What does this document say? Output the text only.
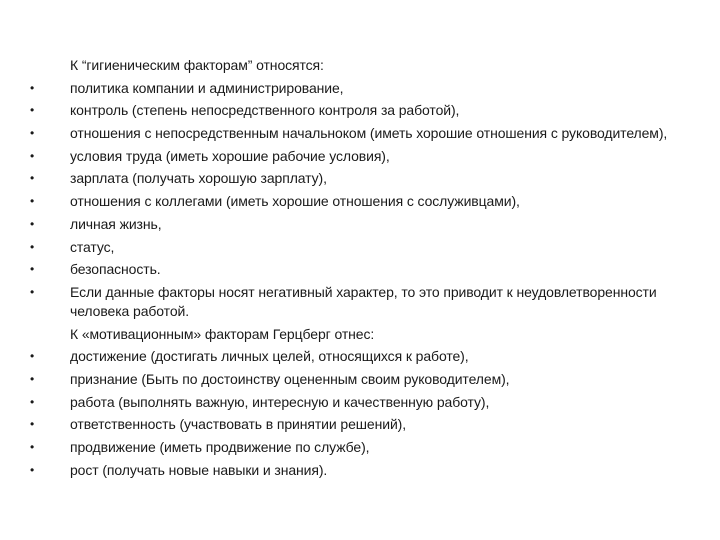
К “гигиеническим факторам” относятся:
•	политика компании и администрирование,
•	контроль (степень непосредственного контроля за работой),
•	отношения с непосредственным начальноком (иметь хорошие отношения с руководителем),
•	условия труда (иметь хорошие рабочие условия),
•	зарплата (получать хорошую зарплату),
•	отношения с коллегами (иметь хорошие отношения с сослуживцами),
•	личная жизнь,
•	статус,
•	безопасность.
•	Если данные факторы носят негативный характер, то это приводит к неудовлетворенности человека работой.
К «мотивационным» факторам Герцберг отнес:
•	достижение (достигать личных целей, относящихся к работе),
•	признание (Быть по достоинству оцененным своим руководителем),
•	работа (выполнять важную, интересную и качественную работу),
•	ответственность (участвовать в принятии решений),
•	продвижение (иметь продвижение по службе),
•	рост (получать новые навыки и знания).
